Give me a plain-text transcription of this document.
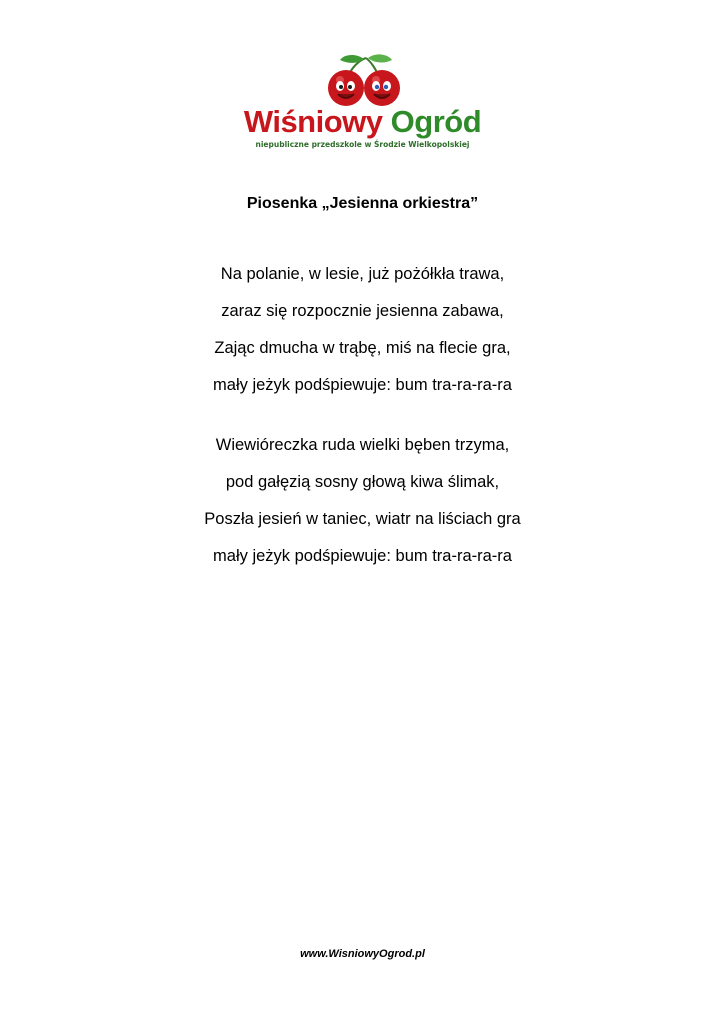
Wiśniowy Ogród
niepubliczne przedszkole w Środzie Wielkopolskiej
Piosenka „Jesienna orkiestra”
Na polanie, w lesie, już pożółkła trawa,
zaraz się rozpocznie jesienna zabawa,
Zając dmucha w trąbę, miś na flecie gra,
mały jeżyk podśpiewuje: bum tra-ra-ra-ra
Wiewióreczka ruda wielki bęben trzyma,
pod gałęzią sosny głową kiwa ślimak,
Poszła jesień w taniec, wiatr na liściach gra
mały jeżyk podśpiewuje: bum tra-ra-ra-ra
www.WisniowyOgrod.pl
